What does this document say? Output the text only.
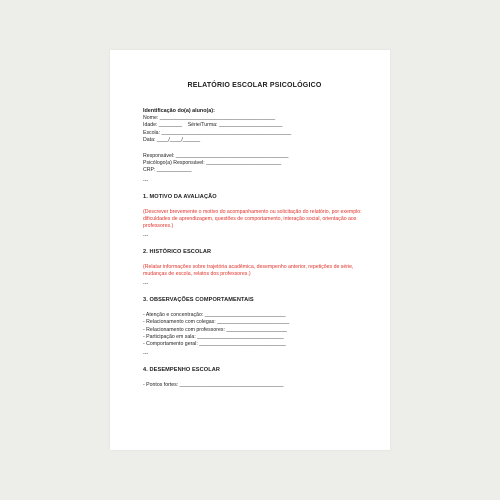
RELATÓRIO ESCOLAR PSICOLÓGICO
Identificação do(a) aluno(a):
Nome: ________________________________________
Idade: ________    Série/Turma: ______________________
Escola: _____________________________________________
Data: ____/____/______
Responsável: _______________________________________
Psicólogo(a) Responsável: __________________________
CRP: ____________
---
1. MOTIVO DA AVALIAÇÃO
(Descrever brevemente o motivo do acompanhamento ou solicitação do relatório, por exemplo: dificuldades de aprendizagem, questões de comportamento, interação social, orientação aos professores.)
---
2. HISTÓRICO ESCOLAR
(Relatar informações sobre trajetória acadêmica, desempenho anterior, repetições de série, mudanças de escola, relatos dos professores.)
---
3. OBSERVAÇÕES COMPORTAMENTAIS
- Atenção e concentração: ____________________________
- Relacionamento com colegas: _________________________
- Relacionamento com professores: _____________________
- Participação em sala: ______________________________
- Comportamento geral: ______________________________
---
4. DESEMPENHO ESCOLAR
- Pontos fortes: ____________________________________
